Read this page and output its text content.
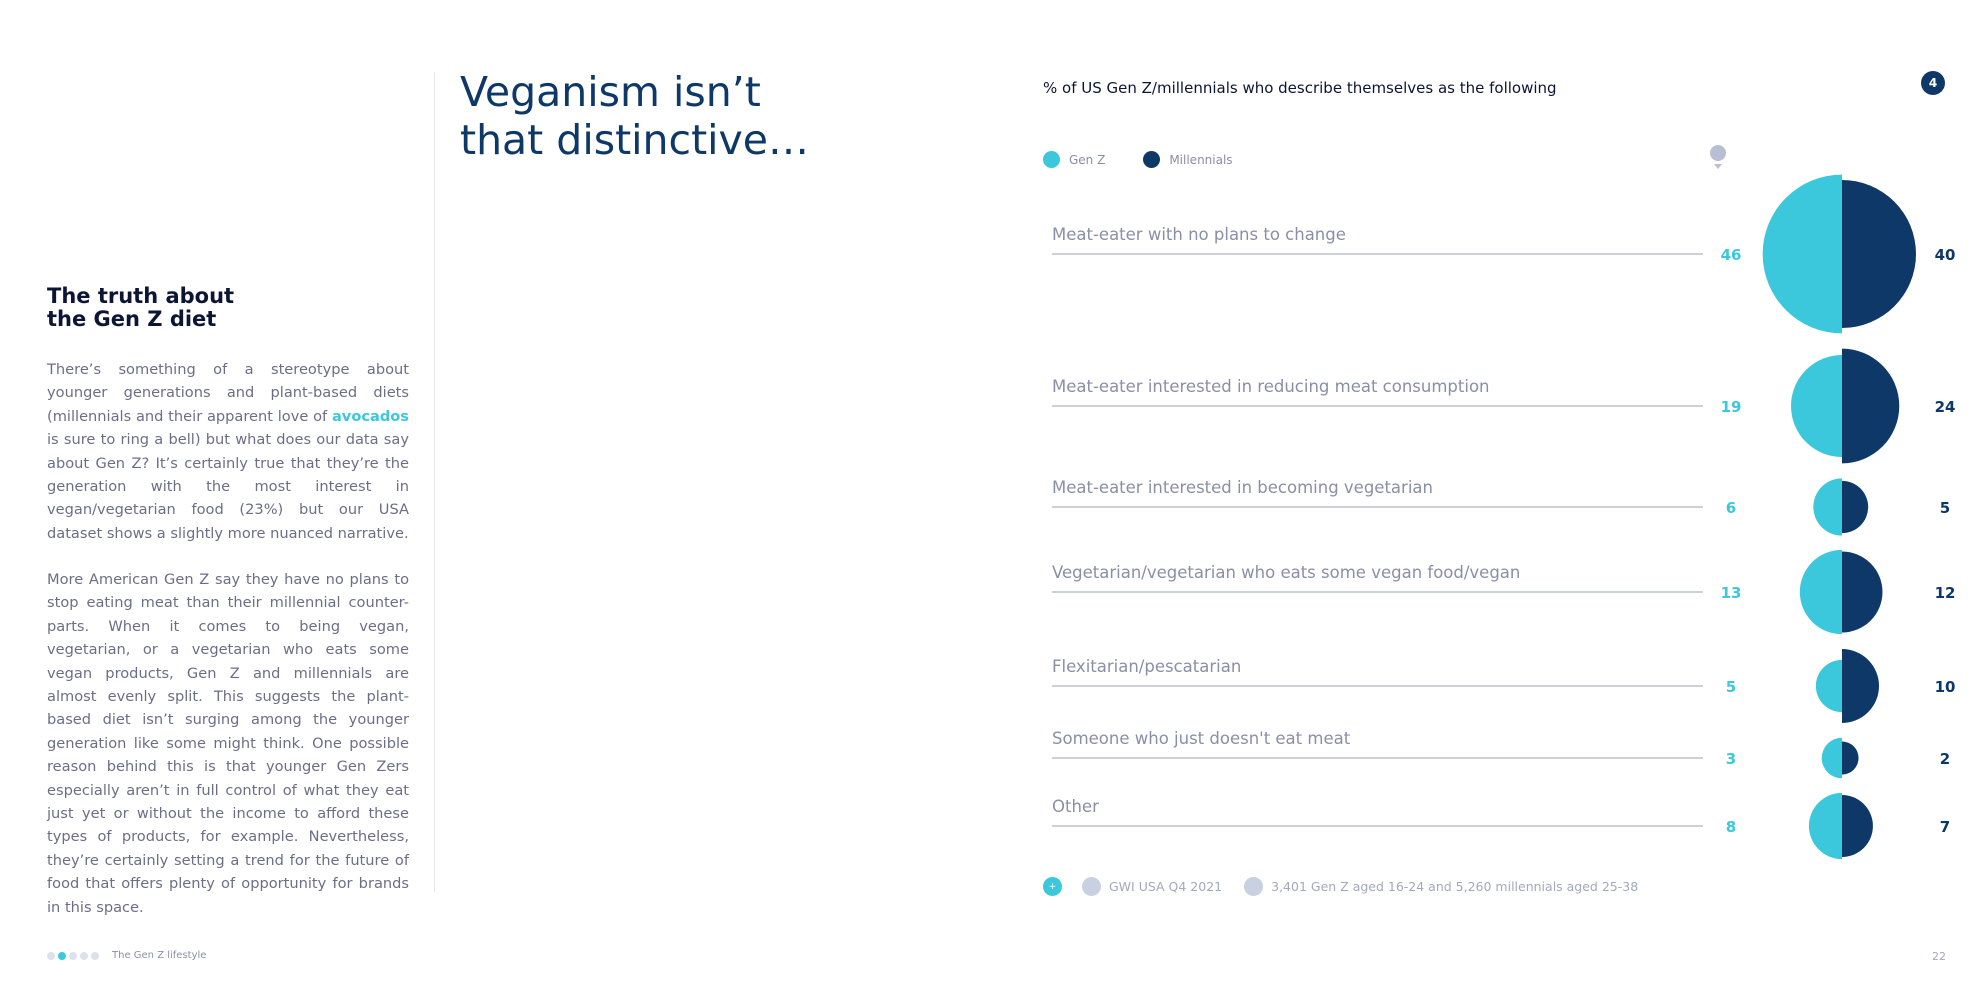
The truth about
the Gen Z diet

There’s something of a stereotype about younger generations and plant-based diets (millennials and their apparent love of avocados is sure to ring a bell) but what does our data say about Gen Z? It’s certainly true that they’re the generation with the most interest in vegan/vegetarian food (23%) but our USA dataset shows a slightly more nuanced narrative.

More American Gen Z say they have no plans to stop eating meat than their millennial counter-parts. When it comes to being vegan, vegetarian, or a vegetarian who eats some vegan products, Gen Z and millennials are almost evenly split. This suggests the plant-based diet isn’t surging among the younger generation like some might think. One possible reason behind this is that younger Gen Zers especially aren’t in full control of what they eat just yet or without the income to afford these types of products, for example. Nevertheless, they’re certainly setting a trend for the future of food that offers plenty of opportunity for brands in this space.

Veganism isn’t
that distinctive…
% of US Gen Z/millennials who describe themselves as the following	4
Gen Z	Millennials
Meat-eater with no plans to change
46	40
Meat-eater interested in reducing meat consumption
19	24
Meat-eater interested in becoming vegetarian
6	5
Vegetarian/vegetarian who eats some vegan food/vegan
13	12
Flexitarian/pescatarian
5	10
Someone who just doesn't eat meat
3	2
Other
8	7
+	GWI USA Q4 2021	3,401 Gen Z aged 16-24 and 5,260 millennials aged 25-38
The Gen Z lifestyle	22
